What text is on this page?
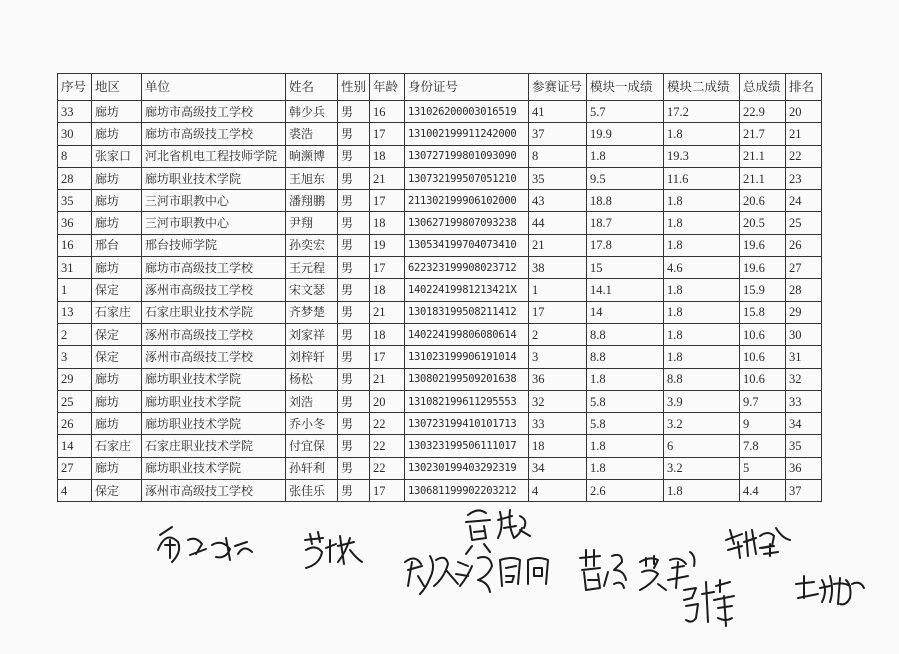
序号	地区	单位	姓名	性别	年龄	身份证号	参赛证号	模块一成绩	模块二成绩	总成绩	排名
33	廊坊	廊坊市高级技工学校	韩少兵	男	16	131026200003016519	41	5.7	17.2	22.9	20
30	廊坊	廊坊市高级技工学校	裘浩	男	17	131002199911242000	37	19.9	1.8	21.7	21
8	张家口	河北省机电工程技师学院	晌濒博	男	18	130727199801093090	8	1.8	19.3	21.1	22
28	廊坊	廊坊职业技术学院	王旭东	男	21	130732199507051210	35	9.5	11.6	21.1	23
35	廊坊	三河市职教中心	潘翔鹏	男	17	211302199906102000	43	18.8	1.8	20.6	24
36	廊坊	三河市职教中心	尹翔	男	18	130627199807093238	44	18.7	1.8	20.5	25
16	邢台	邢台技师学院	孙奕宏	男	19	130534199704073410	21	17.8	1.8	19.6	26
31	廊坊	廊坊市高级技工学校	王元程	男	17	622323199908023712	38	15	4.6	19.6	27
1	保定	涿州市高级技工学校	宋文瑟	男	18	14022419981213421X	1	14.1	1.8	15.9	28
13	石家庄	石家庄职业技术学院	齐梦楚	男	21	130183199508211412	17	14	1.8	15.8	29
2	保定	涿州市高级技工学校	刘家祥	男	18	140224199806080614	2	8.8	1.8	10.6	30
3	保定	涿州市高级技工学校	刘梓轩	男	17	131023199906191014	3	8.8	1.8	10.6	31
29	廊坊	廊坊职业技术学院	杨松	男	21	130802199509201638	36	1.8	8.8	10.6	32
25	廊坊	廊坊职业技术学院	刘浩	男	20	131082199611295553	32	5.8	3.9	9.7	33
26	廊坊	廊坊职业技术学院	乔小冬	男	22	130723199410101713	33	5.8	3.2	9	34
14	石家庄	石家庄职业技术学院	付宜保	男	22	130323199506111017	18	1.8	6	7.8	35
27	廊坊	廊坊职业技术学院	孙轩利	男	22	130230199403292319	34	1.8	3.2	5	36
4	保定	涿州市高级技工学校	张佳乐	男	17	130681199902203212	4	2.6	1.8	4.4	37
